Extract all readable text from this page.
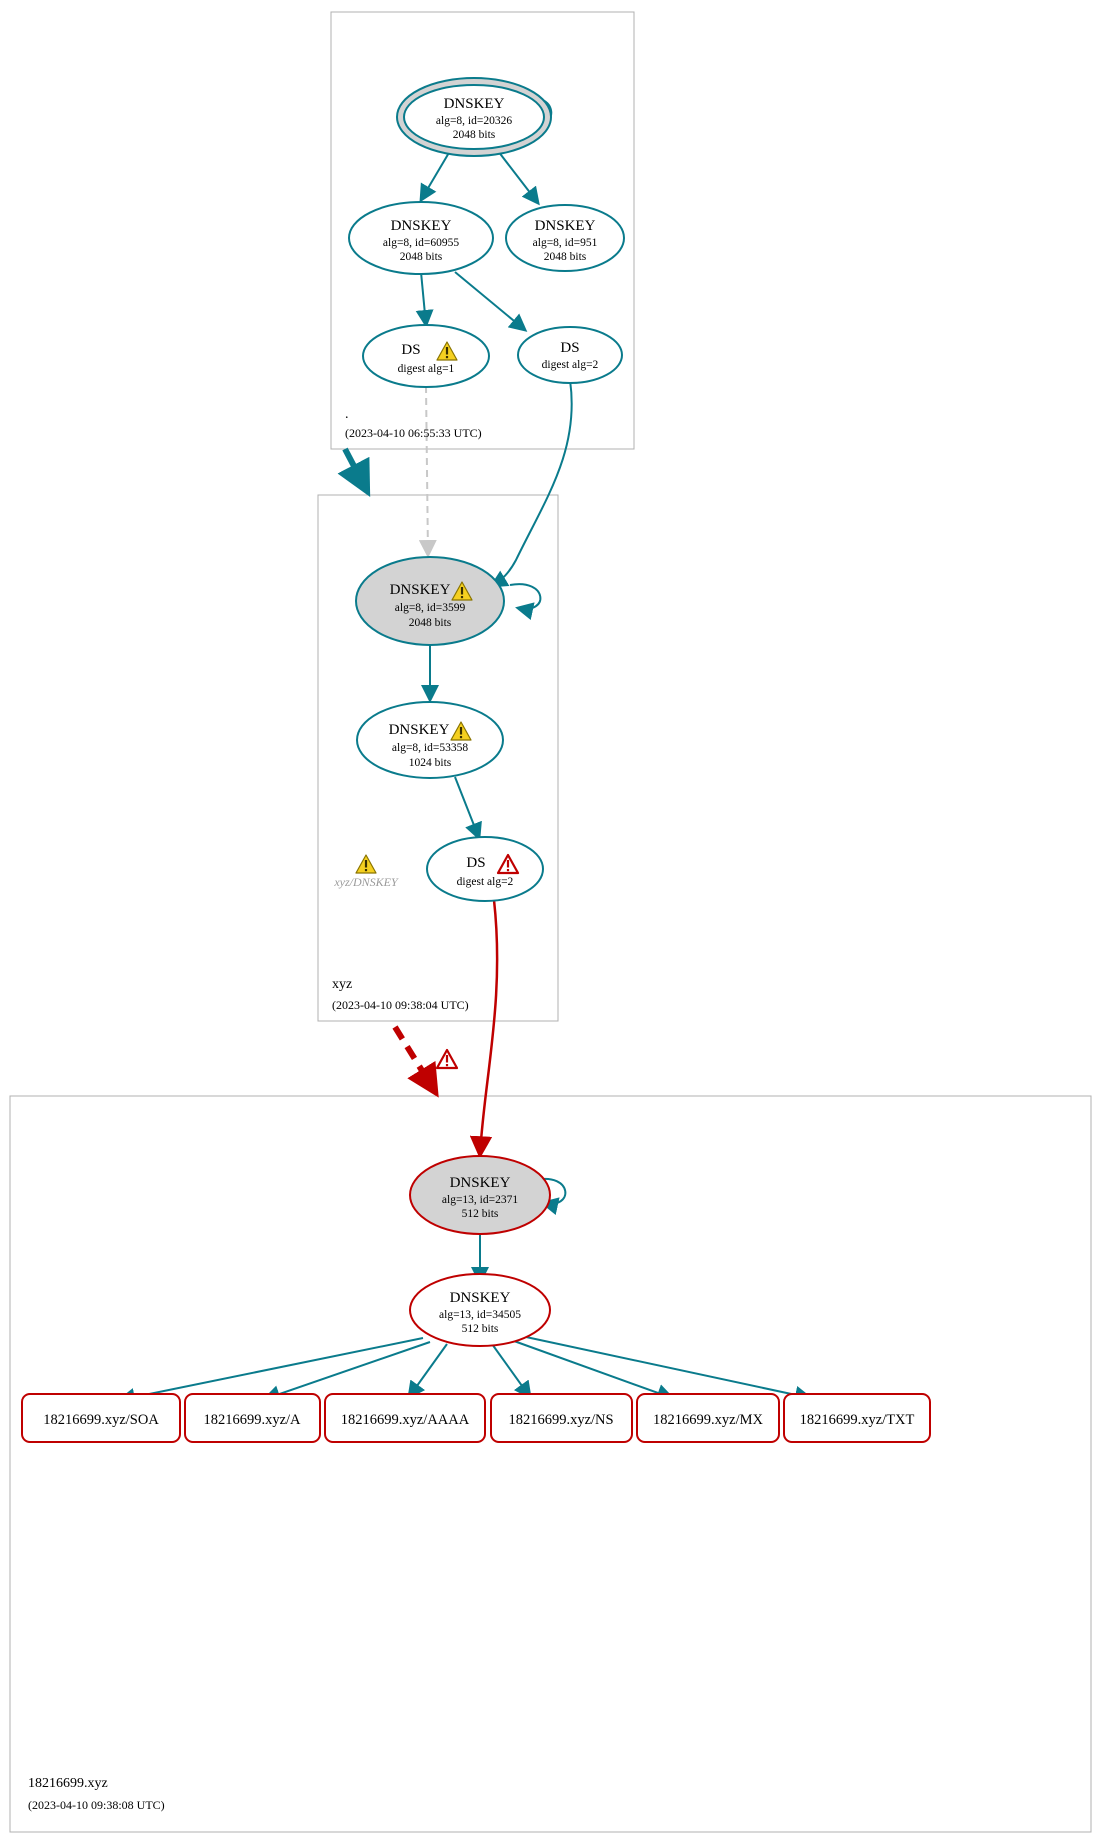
DNSKEY
alg=8, id=20326
2048 bits
DNSKEY
alg=8, id=60955
2048 bits
DNSKEY
alg=8, id=951
2048 bits
DS
digest alg=1
DS
digest alg=2
.
(2023-04-10 06:55:33 UTC)
DNSKEY
alg=8, id=3599
2048 bits
DNSKEY
alg=8, id=53358
1024 bits
DS
digest alg=2
xyz/DNSKEY
xyz
(2023-04-10 09:38:04 UTC)
DNSKEY
alg=13, id=2371
512 bits
DNSKEY
alg=13, id=34505
512 bits
18216699.xyz/SOA	18216699.xyz/A	18216699.xyz/AAAA	18216699.xyz/NS	18216699.xyz/MX	18216699.xyz/TXT
18216699.xyz
(2023-04-10 09:38:08 UTC)
